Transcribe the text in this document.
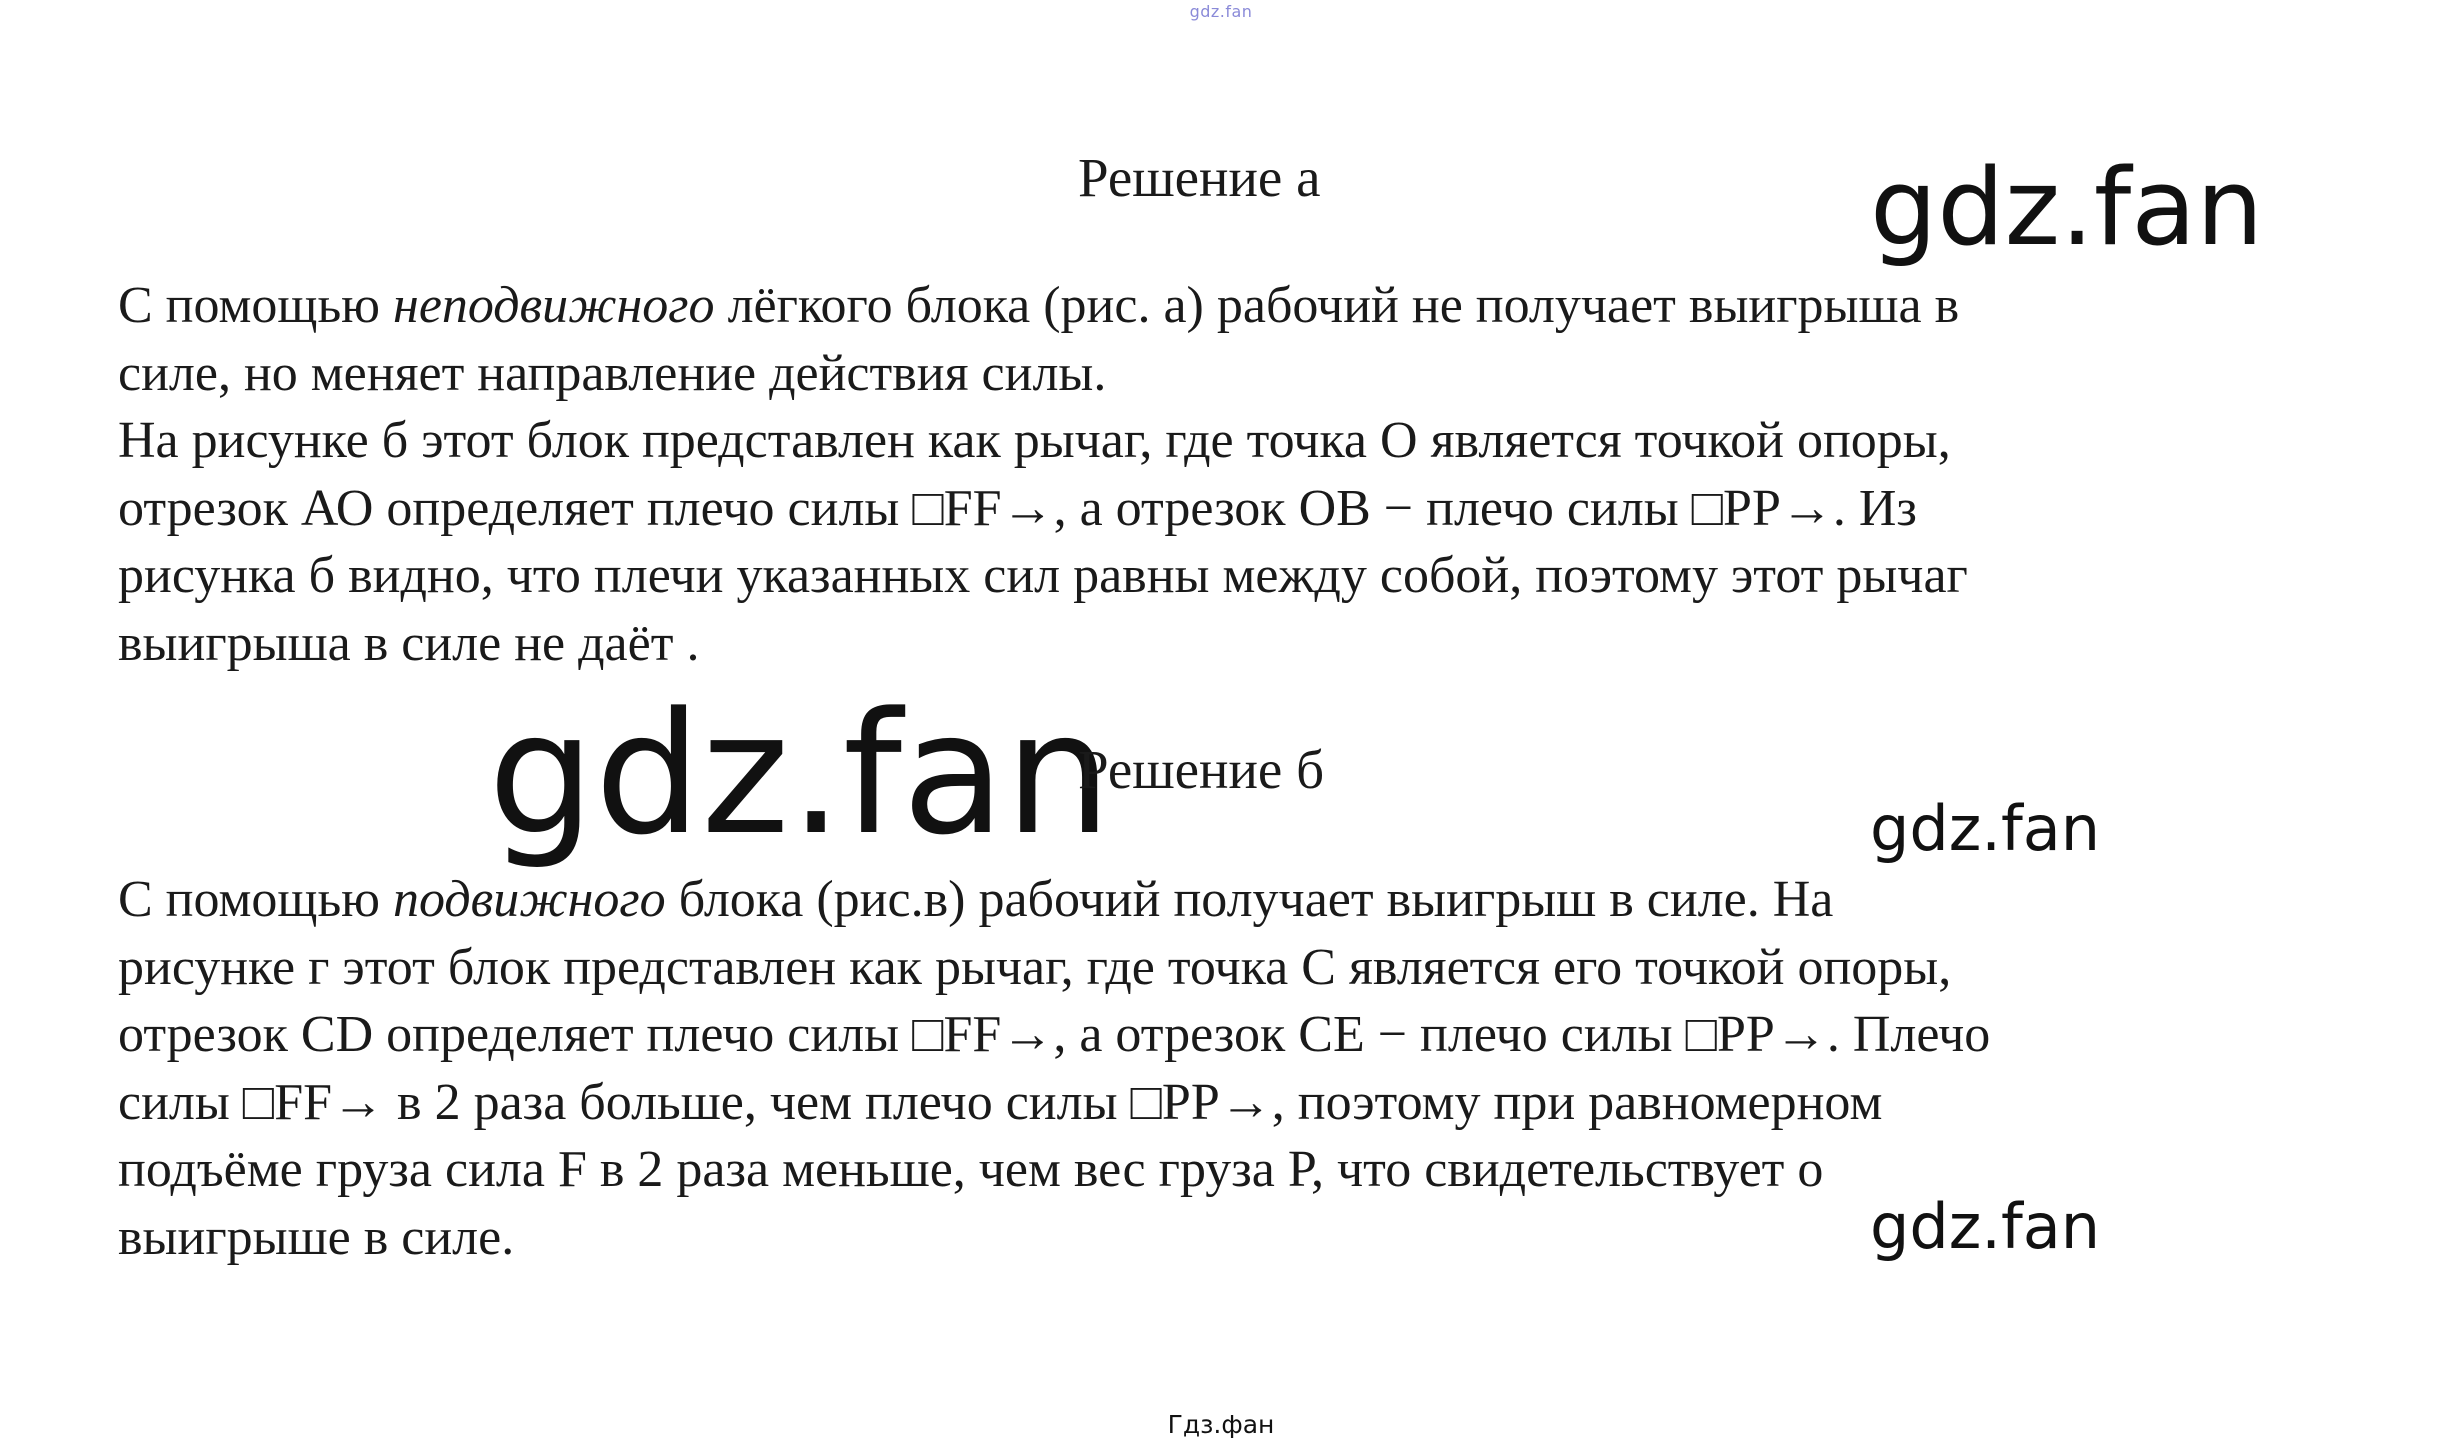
gdz.fan
Решение а	gdz.fan

С помощью неподвижного лёгкого блока (рис. а) рабочий не получает выигрыша в
силе, но меняет направление действия силы.
На рисунке б этот блок представлен как рычаг, где точка О является точкой опоры,
отрезок АО определяет плечо силы □FF→, а отрезок ОВ − плечо силы □PP→. Из
рисунка б видно, что плечи указанных сил равны между собой, поэтому этот рычаг
выигрыша в силе не даёт .

gdz.fan
Решение б
gdz.fan

С помощью подвижного блока (рис.в) рабочий получает выигрыш в силе. На
рисунке г этот блок представлен как рычаг, где точка С является его точкой опоры,
отрезок CD определяет плечо силы □FF→, а отрезок CE − плечо силы □PP→. Плечо
силы □FF→ в 2 раза больше, чем плечо силы □PP→, поэтому при равномерном
подъёме груза сила F в 2 раза меньше, чем вес груза P, что свидетельствует о
выигрыше в силе.	gdz.fan
Гдз.фан
